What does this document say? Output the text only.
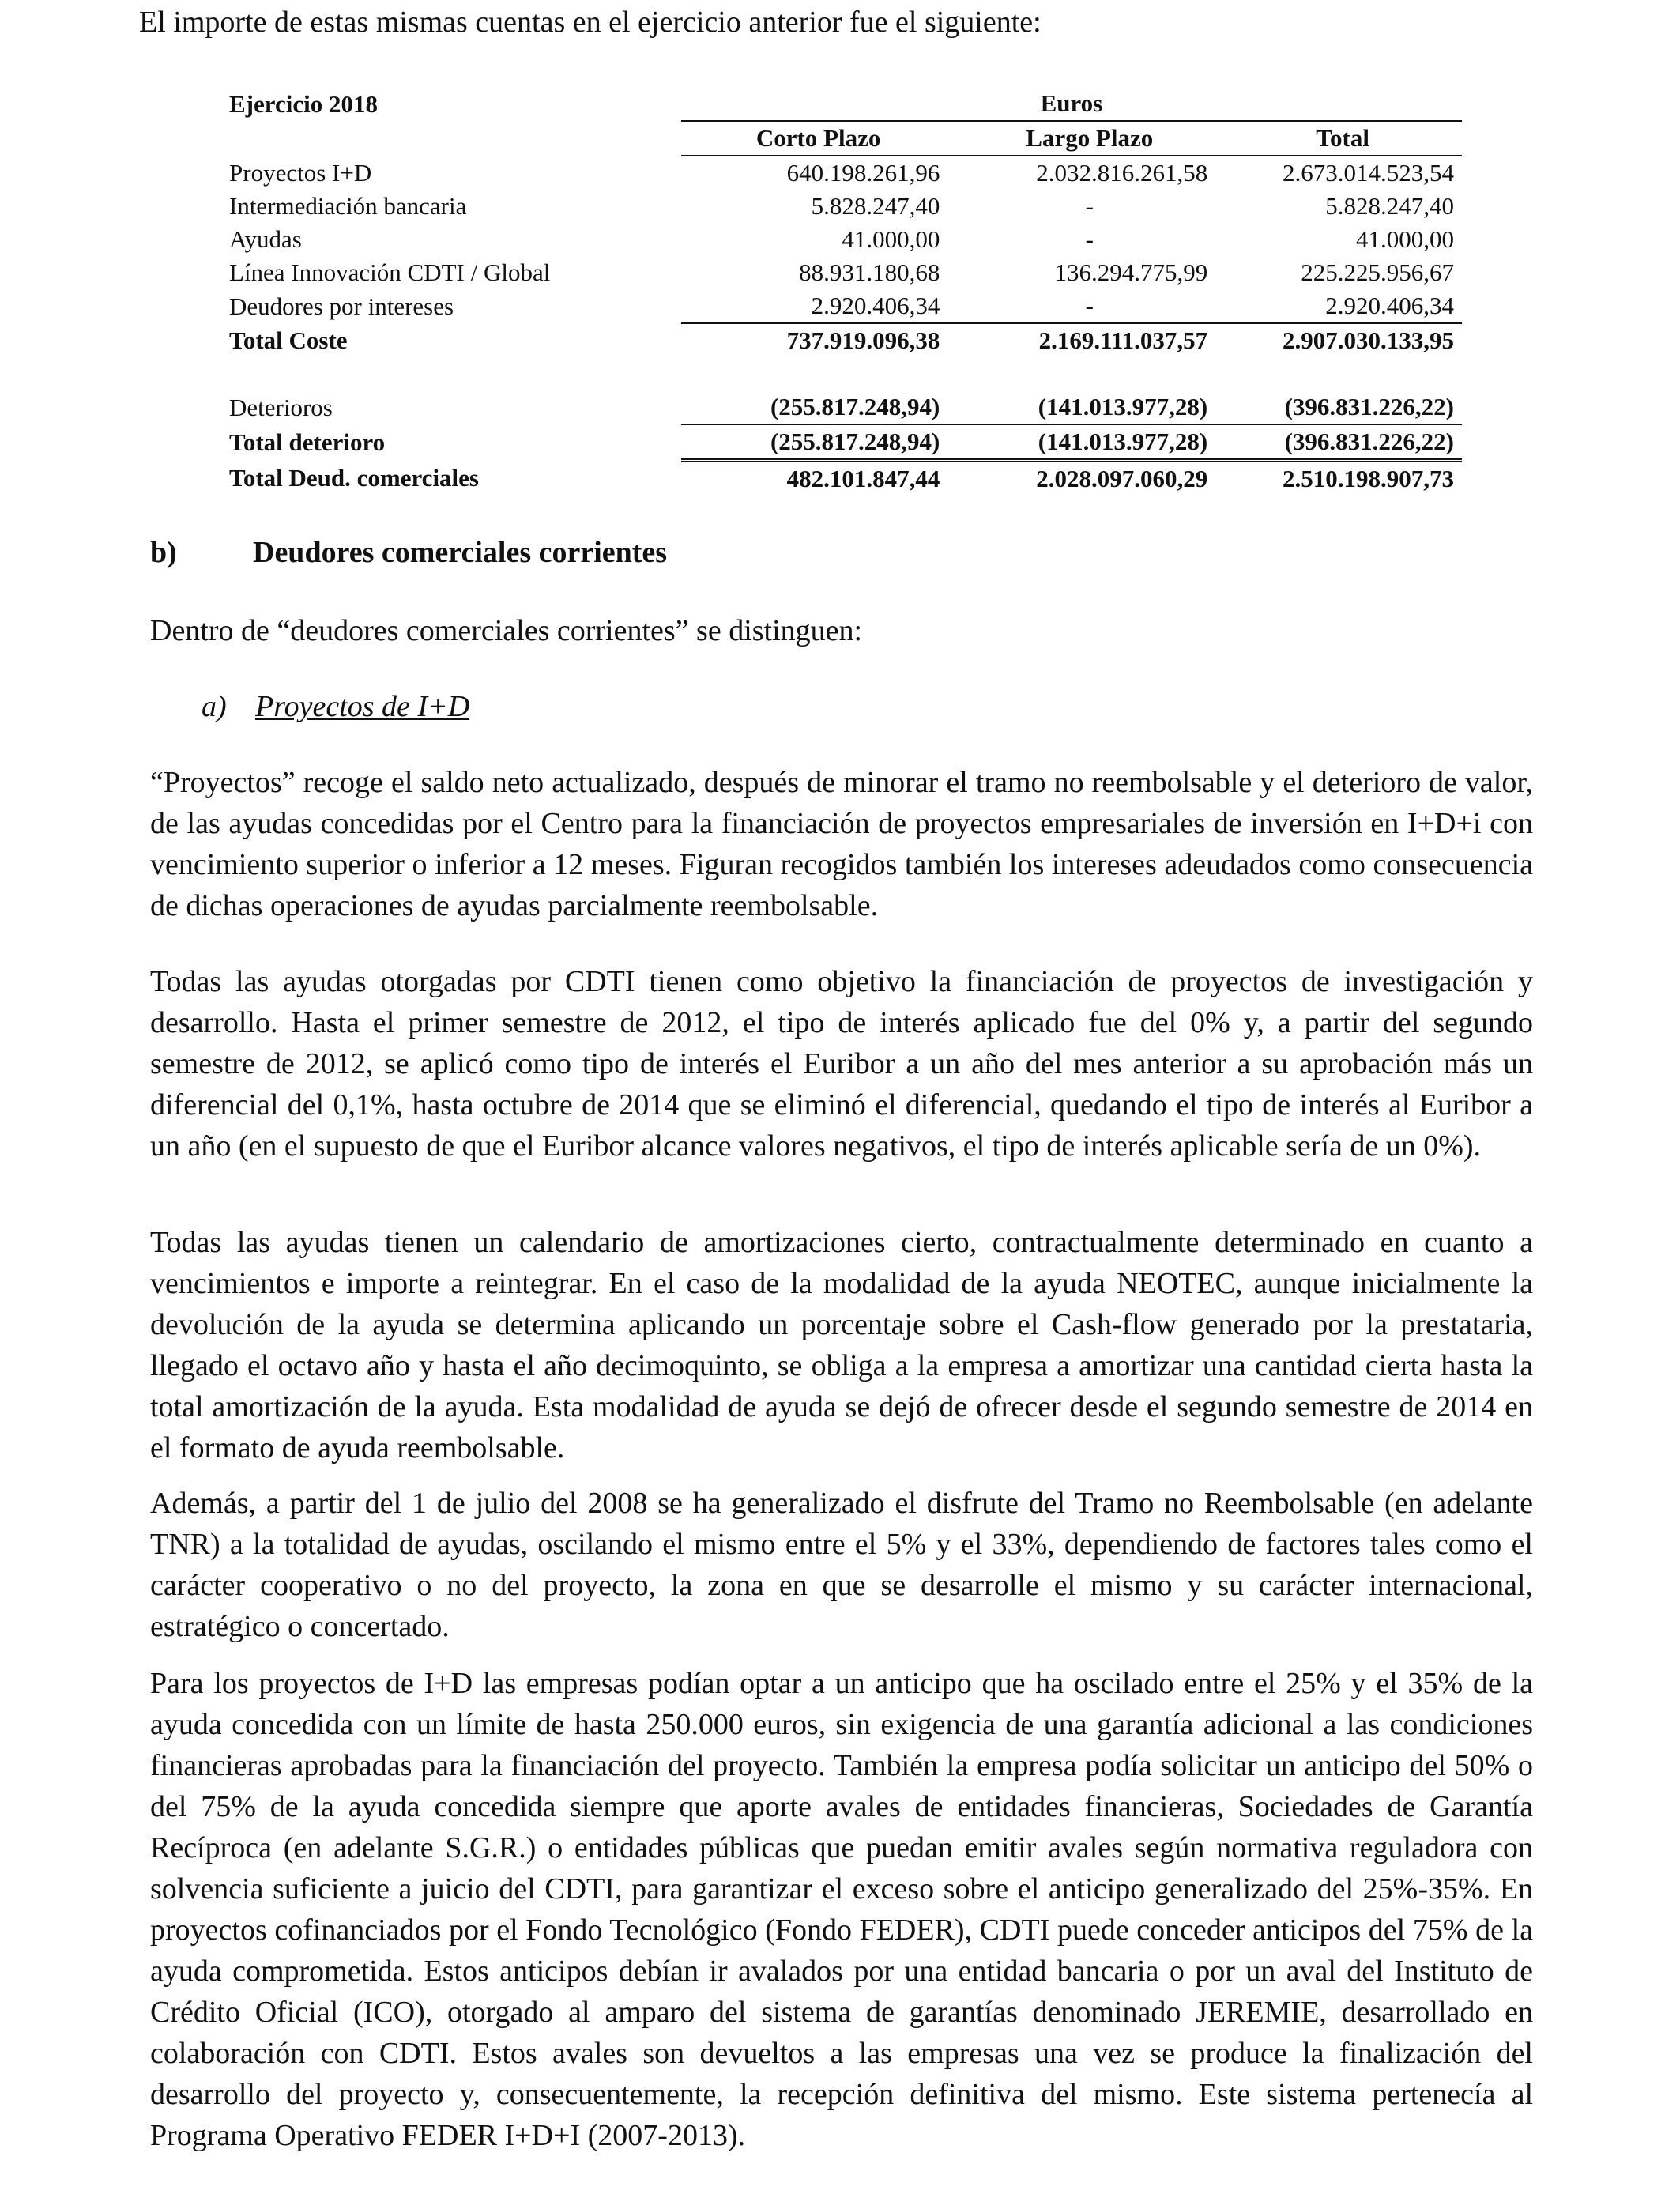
El importe de estas mismas cuentas en el ejercicio anterior fue el siguiente:
Ejercicio 2018		Euros		
		Corto Plazo	Largo Plazo	Total
Proyectos I+D		640.198.261,96	2.032.816.261,58	2.673.014.523,54
Intermediación bancaria		5.828.247,40	-	5.828.247,40
Ayudas		41.000,00	-	41.000,00
Línea Innovación CDTI / Global		88.931.180,68	136.294.775,99	225.225.956,67
Deudores por intereses		2.920.406,34	-	2.920.406,34
Total Coste		737.919.096,38	2.169.111.037,57	2.907.030.133,95

Deterioros		(255.817.248,94)	(141.013.977,28)	(396.831.226,22)
Total deterioro		(255.817.248,94)	(141.013.977,28)	(396.831.226,22)
Total Deud. comerciales		482.101.847,44	2.028.097.060,29	2.510.198.907,73
b)	Deudores comerciales corrientes
Dentro de “deudores comerciales corrientes” se distinguen:
a) Proyectos de I+D

“Proyectos” recoge el saldo neto actualizado, después de minorar el tramo no reembolsable y el deterioro de valor, de las ayudas concedidas por el Centro para la financiación de proyectos empresariales de inversión en I+D+i con vencimiento superior o inferior a 12 meses. Figuran recogidos también los intereses adeudados como consecuencia de dichas operaciones de ayudas parcialmente reembolsable.

Todas las ayudas otorgadas por CDTI tienen como objetivo la financiación de proyectos de investigación y desarrollo. Hasta el primer semestre de 2012, el tipo de interés aplicado fue del 0% y, a partir del segundo semestre de 2012, se aplicó como tipo de interés el Euribor a un año del mes anterior a su aprobación más un diferencial del 0,1%, hasta octubre de 2014 que se eliminó el diferencial, quedando el tipo de interés al Euribor a un año (en el supuesto de que el Euribor alcance valores negativos, el tipo de interés aplicable sería de un 0%).

Todas las ayudas tienen un calendario de amortizaciones cierto, contractualmente determinado en cuanto a vencimientos e importe a reintegrar. En el caso de la modalidad de la ayuda NEOTEC, aunque inicialmente la devolución de la ayuda se determina aplicando un porcentaje sobre el Cash-flow generado por la prestataria, llegado el octavo año y hasta el año decimoquinto, se obliga a la empresa a amortizar una cantidad cierta hasta la total amortización de la ayuda. Esta modalidad de ayuda se dejó de ofrecer desde el segundo semestre de 2014 en el formato de ayuda reembolsable.

Además, a partir del 1 de julio del 2008 se ha generalizado el disfrute del Tramo no Reembolsable (en adelante TNR) a la totalidad de ayudas, oscilando el mismo entre el 5% y el 33%, dependiendo de factores tales como el carácter cooperativo o no del proyecto, la zona en que se desarrolle el mismo y su carácter internacional, estratégico o concertado.

Para los proyectos de I+D las empresas podían optar a un anticipo que ha oscilado entre el 25% y el 35% de la ayuda concedida con un límite de hasta 250.000 euros, sin exigencia de una garantía adicional a las condiciones financieras aprobadas para la financiación del proyecto. También la empresa podía solicitar un anticipo del 50% o del 75% de la ayuda concedida siempre que aporte avales de entidades financieras, Sociedades de Garantía Recíproca (en adelante S.G.R.) o entidades públicas que puedan emitir avales según normativa reguladora con solvencia suficiente a juicio del CDTI, para garantizar el exceso sobre el anticipo generalizado del 25%-35%. En proyectos cofinanciados por el Fondo Tecnológico (Fondo FEDER), CDTI puede conceder anticipos del 75% de la ayuda comprometida. Estos anticipos debían ir avalados por una entidad bancaria o por un aval del Instituto de Crédito Oficial (ICO), otorgado al amparo del sistema de garantías denominado JEREMIE, desarrollado en colaboración con CDTI. Estos avales son devueltos a las empresas una vez se produce la finalización del desarrollo del proyecto y, consecuentemente, la recepción definitiva del mismo. Este sistema pertenecía al Programa Operativo FEDER I+D+I (2007-2013).
